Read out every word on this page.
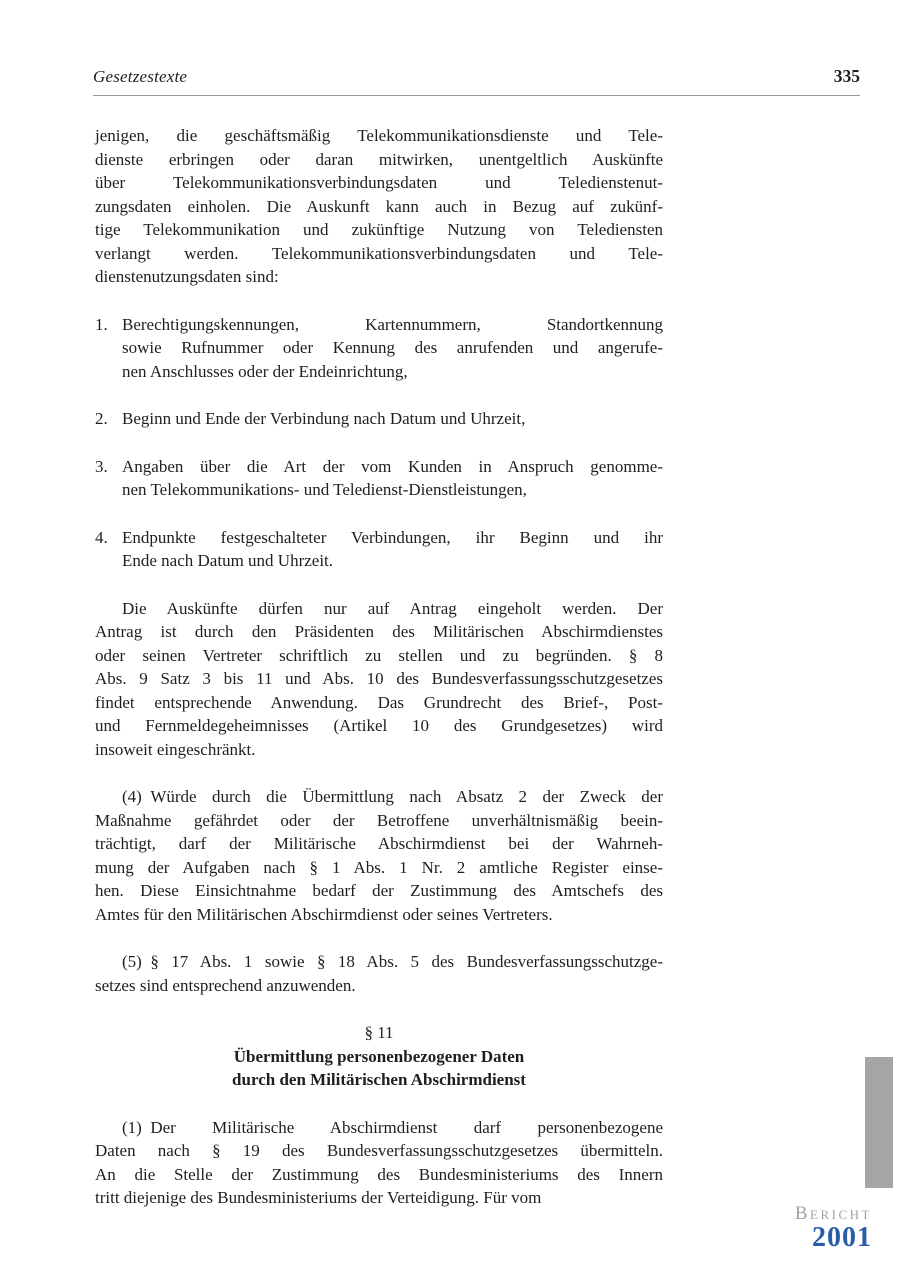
Gesetzestexte	335
jenigen, die geschäftsmäßig Telekommunikationsdienste und Tele-
dienste erbringen oder daran mitwirken, unentgeltlich Auskünfte
über Telekommunikationsverbindungsdaten und Teledienstenut-
zungsdaten einholen. Die Auskunft kann auch in Bezug auf zukünf-
tige Telekommunikation und zukünftige Nutzung von Telediensten
verlangt werden. Telekommunikationsverbindungsdaten und Tele-
dienstenutzungsdaten sind:
1. Berechtigungskennungen, Kartennummern, Standortkennung
sowie Rufnummer oder Kennung des anrufenden und angerufe-
nen Anschlusses oder der Endeinrichtung,
2. Beginn und Ende der Verbindung nach Datum und Uhrzeit,
3. Angaben über die Art der vom Kunden in Anspruch genomme-
nen Telekommunikations- und Teledienst-Dienstleistungen,
4. Endpunkte festgeschalteter Verbindungen, ihr Beginn und ihr
Ende nach Datum und Uhrzeit.
Die Auskünfte dürfen nur auf Antrag eingeholt werden. Der
Antrag ist durch den Präsidenten des Militärischen Abschirmdienstes
oder seinen Vertreter schriftlich zu stellen und zu begründen. § 8
Abs. 9 Satz 3 bis 11 und Abs. 10 des Bundesverfassungsschutzgesetzes
findet entsprechende Anwendung. Das Grundrecht des Brief-, Post-
und Fernmeldegeheimnisses (Artikel 10 des Grundgesetzes) wird
insoweit eingeschränkt.
(4) Würde durch die Übermittlung nach Absatz 2 der Zweck der
Maßnahme gefährdet oder der Betroffene unverhältnismäßig beein-
trächtigt, darf der Militärische Abschirmdienst bei der Wahrneh-
mung der Aufgaben nach § 1 Abs. 1 Nr. 2 amtliche Register einse-
hen. Diese Einsichtnahme bedarf der Zustimmung des Amtschefs des
Amtes für den Militärischen Abschirmdienst oder seines Vertreters.
(5) § 17 Abs. 1 sowie § 18 Abs. 5 des Bundesverfassungsschutzge-
setzes sind entsprechend anzuwenden.
§ 11
Übermittlung personenbezogener Daten
durch den Militärischen Abschirmdienst
(1) Der Militärische Abschirmdienst darf personenbezogene
Daten nach § 19 des Bundesverfassungsschutzgesetzes übermitteln.
An die Stelle der Zustimmung des Bundesministeriums des Innern
tritt diejenige des Bundesministeriums der Verteidigung. Für vom
Bericht
2001
